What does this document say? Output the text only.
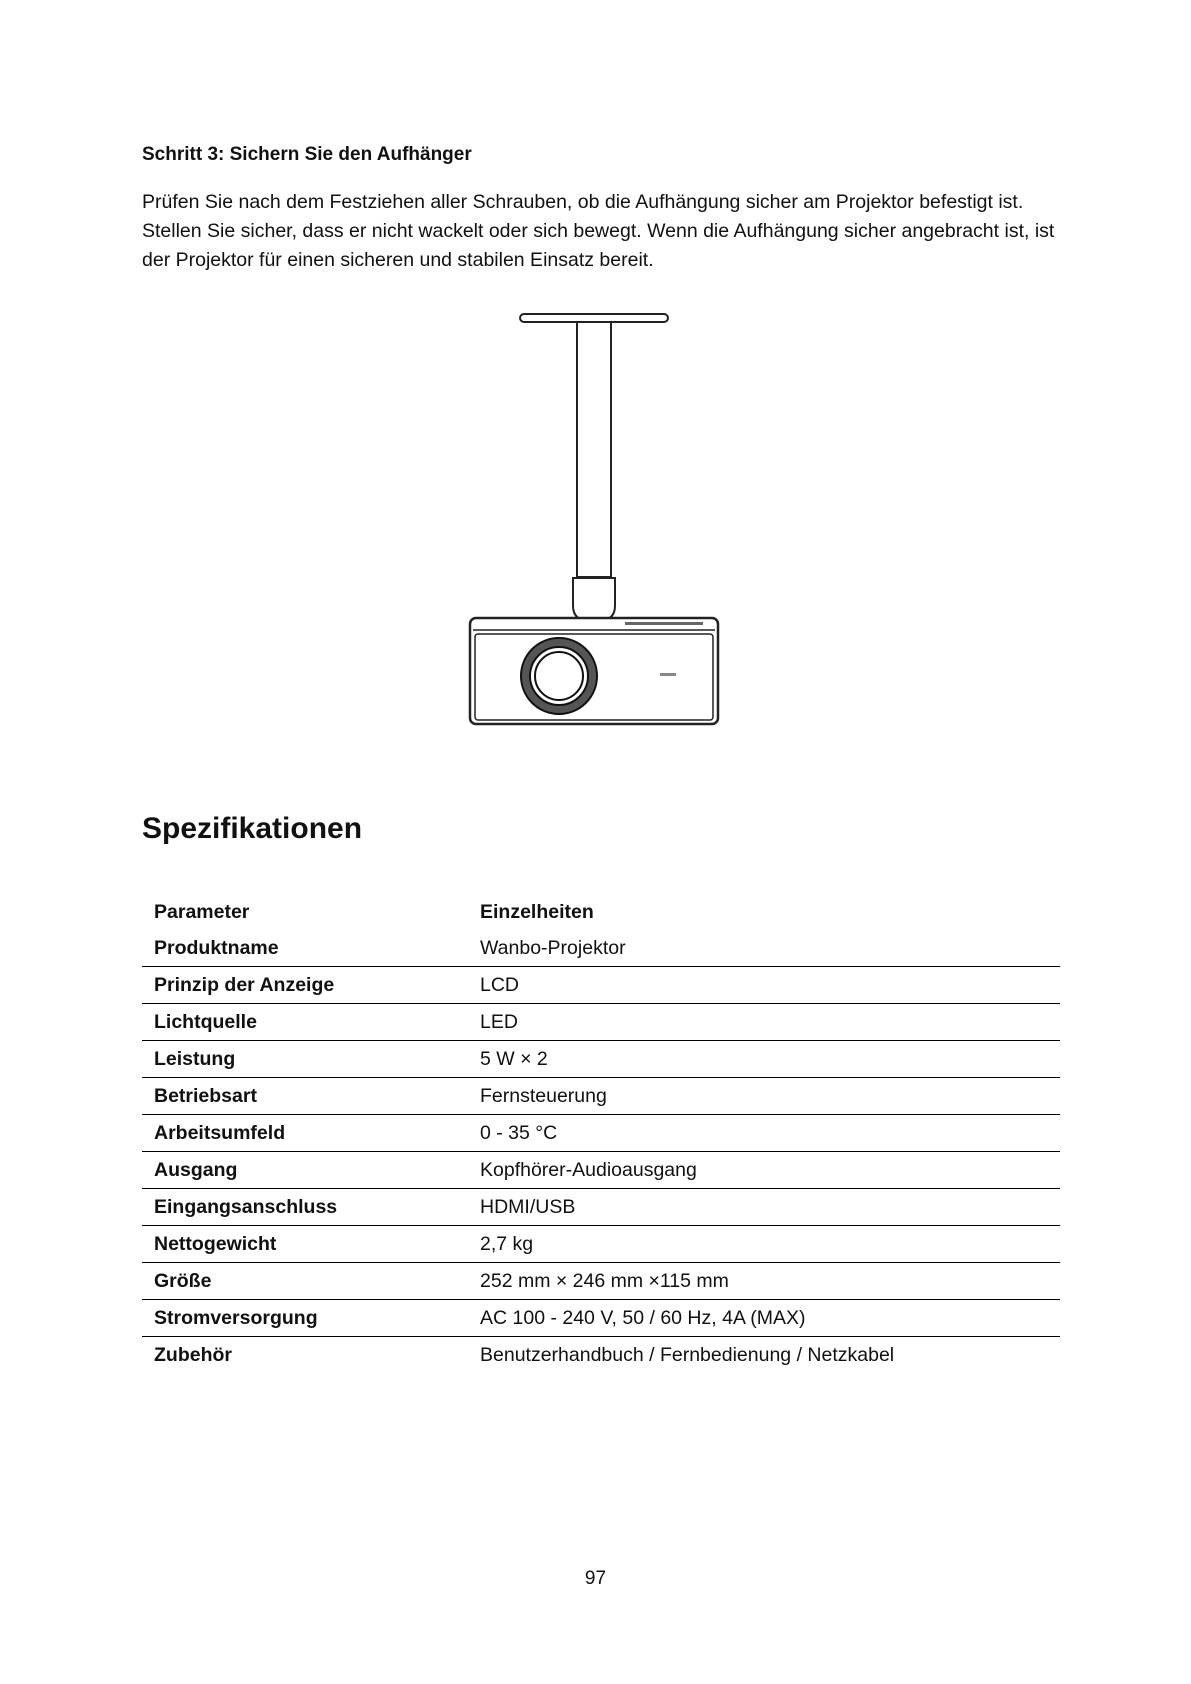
Schritt 3: Sichern Sie den Aufhänger

Prüfen Sie nach dem Festziehen aller Schrauben, ob die Aufhängung sicher am Projektor befestigt ist. Stellen Sie sicher, dass er nicht wackelt oder sich bewegt. Wenn die Aufhängung sicher angebracht ist, ist der Projektor für einen sicheren und stabilen Einsatz bereit.

Spezifikationen
Parameter	Einzelheiten
Produktname	Wanbo-Projektor
Prinzip der Anzeige	LCD
Lichtquelle	LED
Leistung	5 W × 2
Betriebsart	Fernsteuerung
Arbeitsumfeld	0 - 35 °C
Ausgang	Kopfhörer-Audioausgang
Eingangsanschluss	HDMI/USB
Nettogewicht	2,7 kg
Größe	252 mm × 246 mm ×115 mm
Stromversorgung	AC 100 - 240 V, 50 / 60 Hz, 4A (MAX)
Zubehör	Benutzerhandbuch / Fernbedienung / Netzkabel
97
